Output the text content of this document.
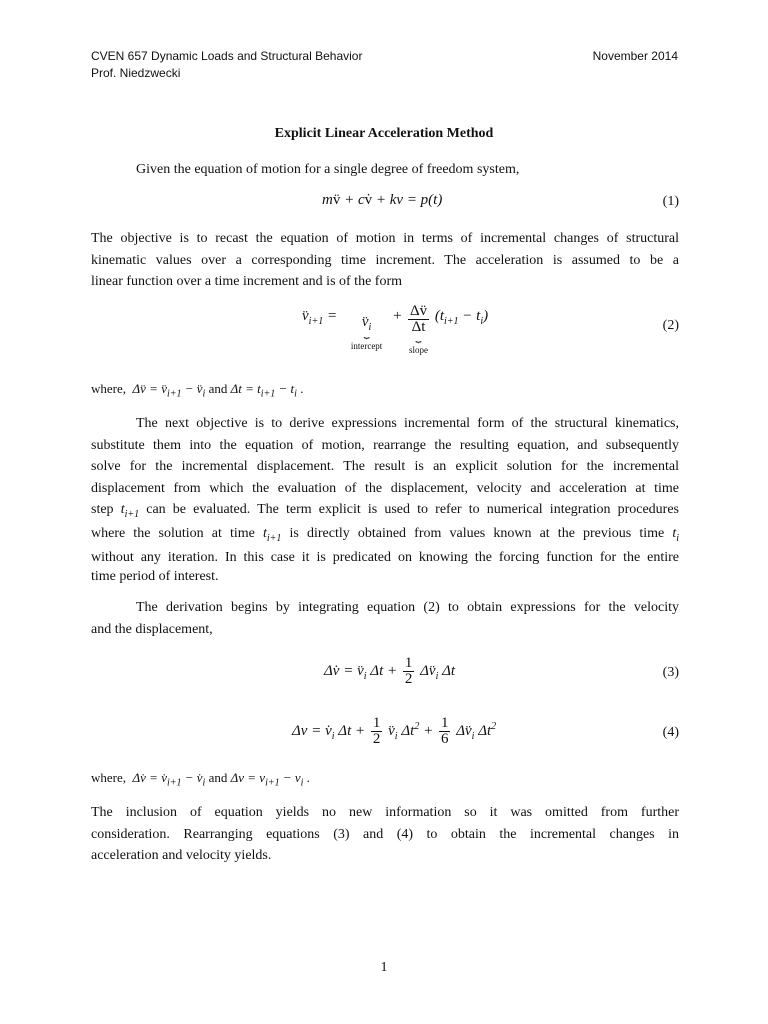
CVEN 657 Dynamic Loads and Structural Behavior
Prof. Niedzwecki
November 2014
Explicit Linear Acceleration Method
Given the equation of motion for a single degree of freedom system,
mv̈ + cv̇ + kv = p(t)	(1)
The objective is to recast the equation of motion in terms of incremental changes of structural
kinematic values over a corresponding time increment. The acceleration is assumed to be a
linear function over a time increment and is of the form
$v̈_{i+1}$ = $v̈_i$
⏟
intercept + $\frac{\Delta v̈}{\Delta t}$
⏟
slope $(t_{i+1} - t_i)$
(2)
where,  Δv̈ = $v̈_{i+1}$ − $v̈_i$ and $\Delta t = t_{i+1} - t_i$ .
The next objective is to derive expressions incremental form of the structural kinematics,
substitute them into the equation of motion, rearrange the resulting equation, and subsequently
solve for the incremental displacement. The result is an explicit solution for the incremental
displacement from which the evaluation of the displacement, velocity and acceleration at time
step $t_{i+1}$ can be evaluated. The term explicit is used to refer to numerical integration procedures
where the solution at time $t_{i+1}$ is directly obtained from values known at the previous time $t_i$
without any iteration. In this case it is predicated on knowing the forcing function for the entire
time period of interest.
The derivation begins by integrating equation (2) to obtain expressions for the velocity
and the displacement,
Δv̇ = $v̈_i$ $\Delta t + \frac{1}{2}$ $\Delta v̈_i$ Δt	(3)
$\Delta v = v̇_i$ $\Delta t + \frac{1}{2}$ $v̈_i$ $\Delta t^2 + \frac{1}{6}$ $\Delta v̈_i$ $\Delta t^2$	(4)
where,  Δv̇ = $v̇_{i+1}$ − $v̇_i$ and $\Delta v = v_{i+1} - v_i$ .
The inclusion of equation yields no new information so it was omitted from further
consideration. Rearranging equations (3) and (4) to obtain the incremental changes in
acceleration and velocity yields.
1
